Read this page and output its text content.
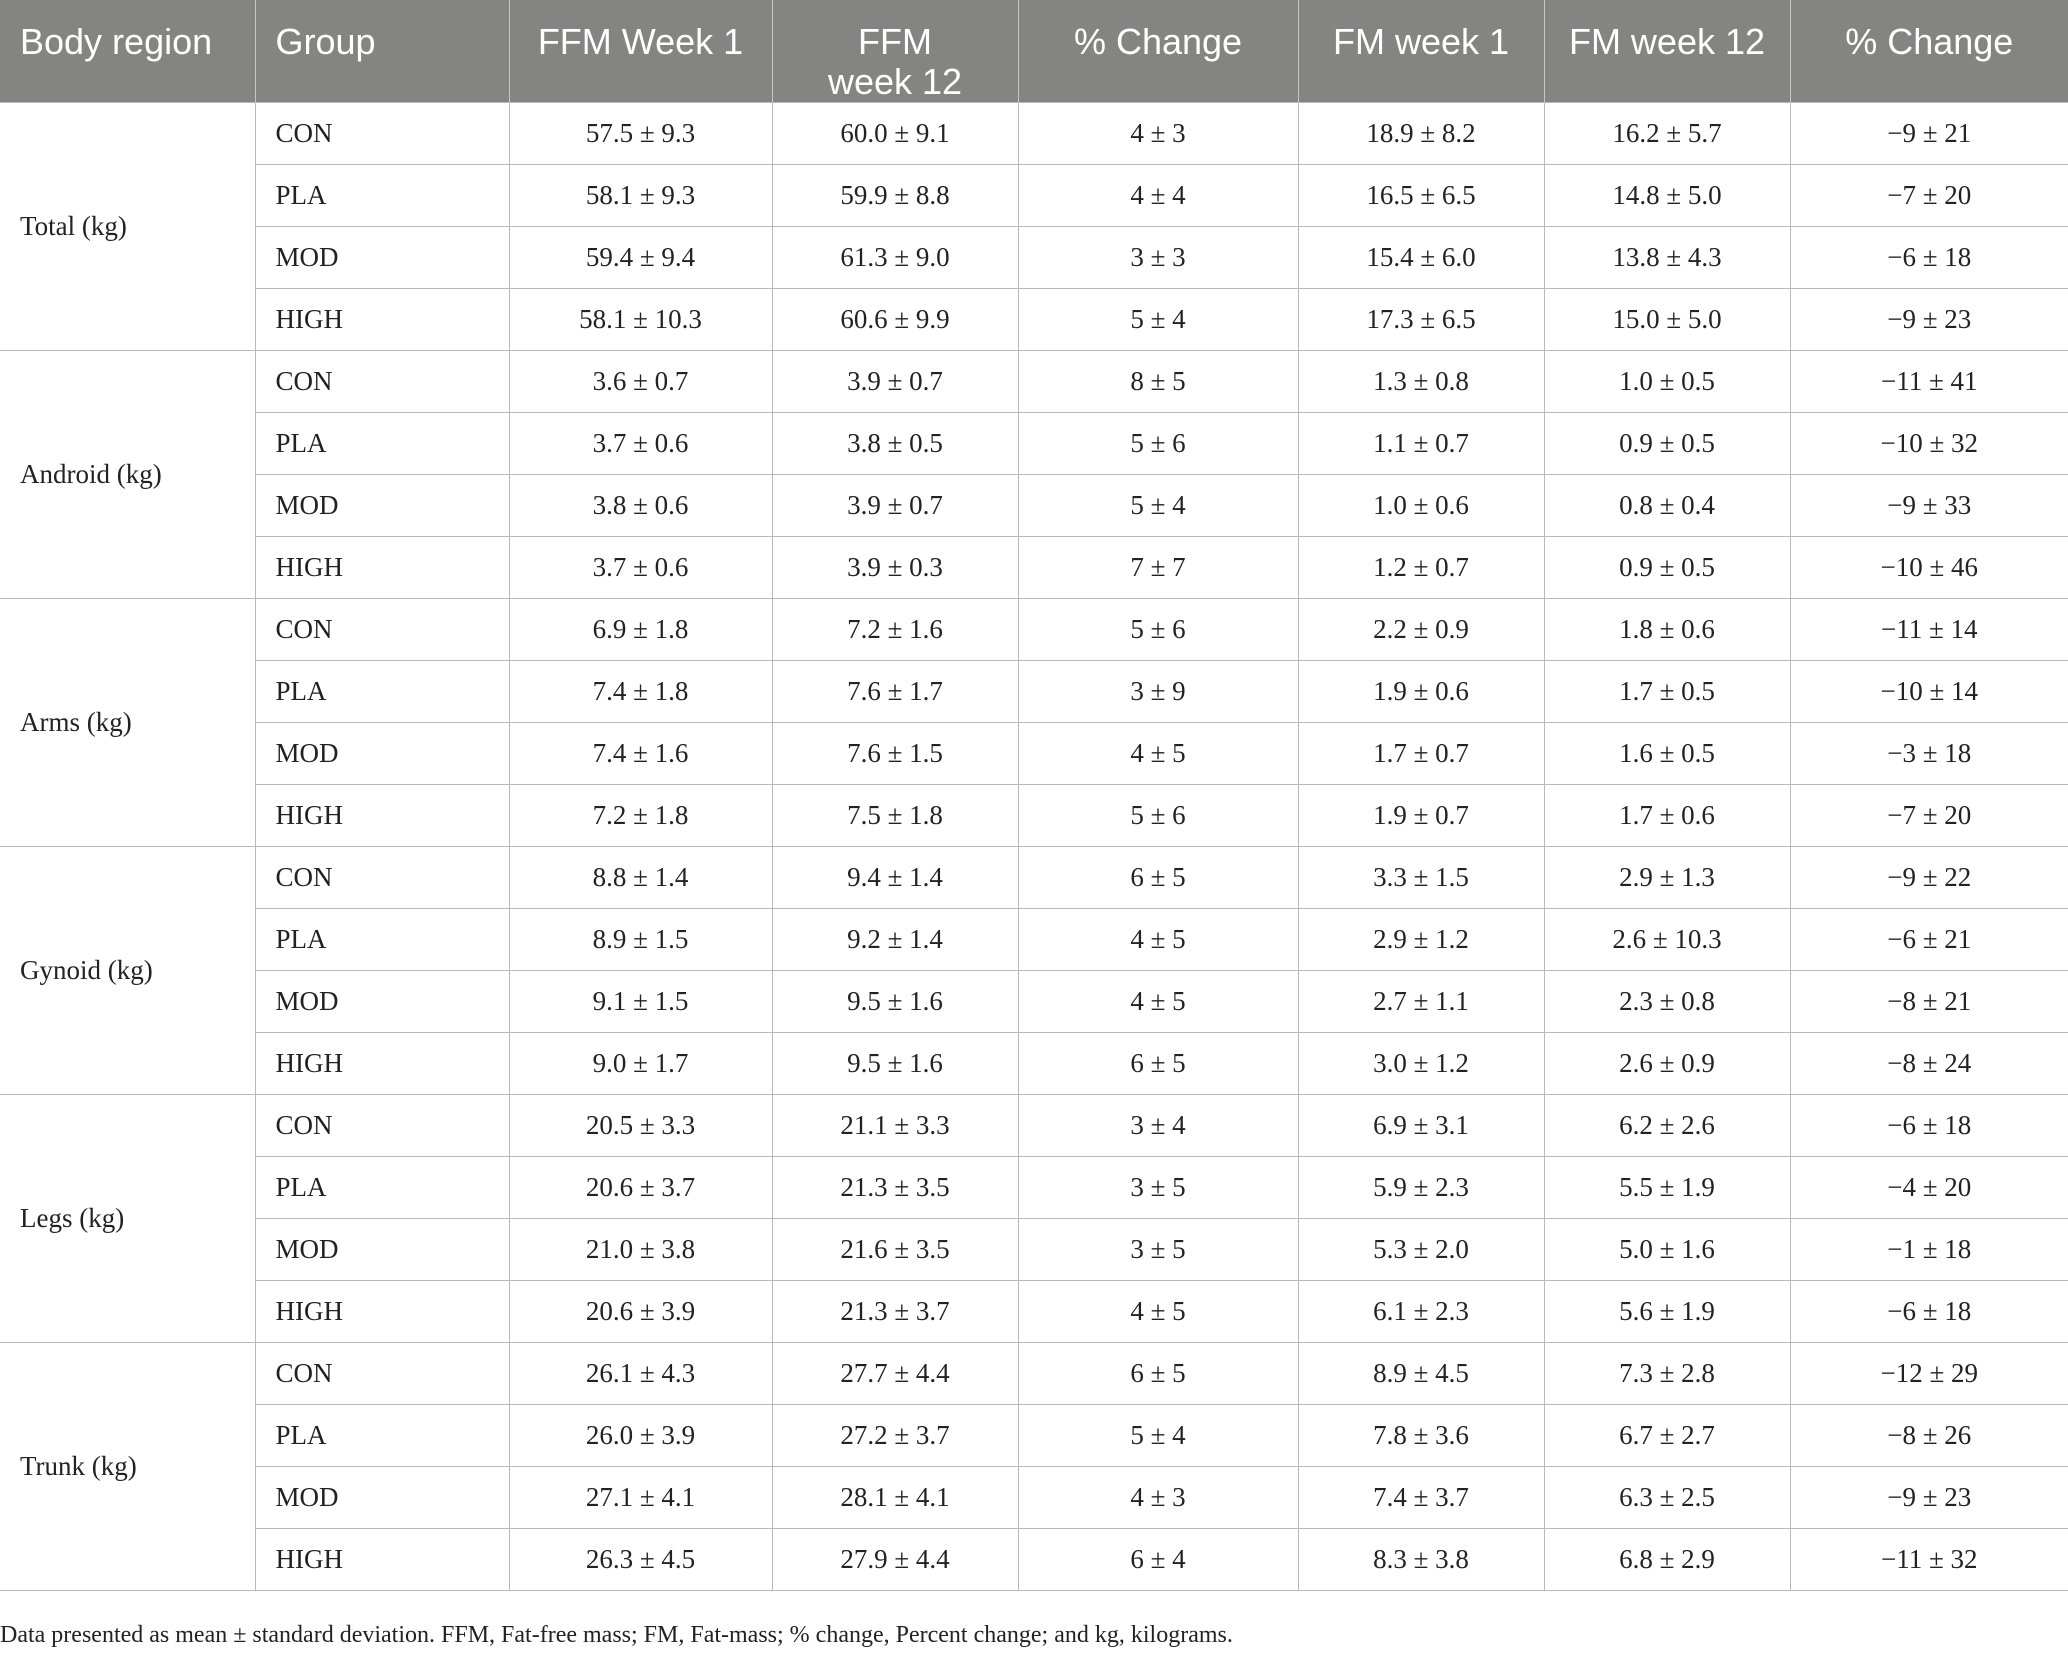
Body region	Group	FFM Week 1	FFM week 12	% Change	FM week 1	FM week 12	% Change
Total (kg)	CON	57.5 ± 9.3	60.0 ± 9.1	4 ± 3	18.9 ± 8.2	16.2 ± 5.7	−9 ± 21
	PLA	58.1 ± 9.3	59.9 ± 8.8	4 ± 4	16.5 ± 6.5	14.8 ± 5.0	−7 ± 20
	MOD	59.4 ± 9.4	61.3 ± 9.0	3 ± 3	15.4 ± 6.0	13.8 ± 4.3	−6 ± 18
	HIGH	58.1 ± 10.3	60.6 ± 9.9	5 ± 4	17.3 ± 6.5	15.0 ± 5.0	−9 ± 23
Android (kg)	CON	3.6 ± 0.7	3.9 ± 0.7	8 ± 5	1.3 ± 0.8	1.0 ± 0.5	−11 ± 41
	PLA	3.7 ± 0.6	3.8 ± 0.5	5 ± 6	1.1 ± 0.7	0.9 ± 0.5	−10 ± 32
	MOD	3.8 ± 0.6	3.9 ± 0.7	5 ± 4	1.0 ± 0.6	0.8 ± 0.4	−9 ± 33
	HIGH	3.7 ± 0.6	3.9 ± 0.3	7 ± 7	1.2 ± 0.7	0.9 ± 0.5	−10 ± 46
Arms (kg)	CON	6.9 ± 1.8	7.2 ± 1.6	5 ± 6	2.2 ± 0.9	1.8 ± 0.6	−11 ± 14
	PLA	7.4 ± 1.8	7.6 ± 1.7	3 ± 9	1.9 ± 0.6	1.7 ± 0.5	−10 ± 14
	MOD	7.4 ± 1.6	7.6 ± 1.5	4 ± 5	1.7 ± 0.7	1.6 ± 0.5	−3 ± 18
	HIGH	7.2 ± 1.8	7.5 ± 1.8	5 ± 6	1.9 ± 0.7	1.7 ± 0.6	−7 ± 20
Gynoid (kg)	CON	8.8 ± 1.4	9.4 ± 1.4	6 ± 5	3.3 ± 1.5	2.9 ± 1.3	−9 ± 22
	PLA	8.9 ± 1.5	9.2 ± 1.4	4 ± 5	2.9 ± 1.2	2.6 ± 10.3	−6 ± 21
	MOD	9.1 ± 1.5	9.5 ± 1.6	4 ± 5	2.7 ± 1.1	2.3 ± 0.8	−8 ± 21
	HIGH	9.0 ± 1.7	9.5 ± 1.6	6 ± 5	3.0 ± 1.2	2.6 ± 0.9	−8 ± 24
Legs (kg)	CON	20.5 ± 3.3	21.1 ± 3.3	3 ± 4	6.9 ± 3.1	6.2 ± 2.6	−6 ± 18
	PLA	20.6 ± 3.7	21.3 ± 3.5	3 ± 5	5.9 ± 2.3	5.5 ± 1.9	−4 ± 20
	MOD	21.0 ± 3.8	21.6 ± 3.5	3 ± 5	5.3 ± 2.0	5.0 ± 1.6	−1 ± 18
	HIGH	20.6 ± 3.9	21.3 ± 3.7	4 ± 5	6.1 ± 2.3	5.6 ± 1.9	−6 ± 18
Trunk (kg)	CON	26.1 ± 4.3	27.7 ± 4.4	6 ± 5	8.9 ± 4.5	7.3 ± 2.8	−12 ± 29
	PLA	26.0 ± 3.9	27.2 ± 3.7	5 ± 4	7.8 ± 3.6	6.7 ± 2.7	−8 ± 26
	MOD	27.1 ± 4.1	28.1 ± 4.1	4 ± 3	7.4 ± 3.7	6.3 ± 2.5	−9 ± 23
	HIGH	26.3 ± 4.5	27.9 ± 4.4	6 ± 4	8.3 ± 3.8	6.8 ± 2.9	−11 ± 32
Data presented as mean ± standard deviation. FFM, Fat-free mass; FM, Fat-mass; % change, Percent change; and kg, kilograms.
